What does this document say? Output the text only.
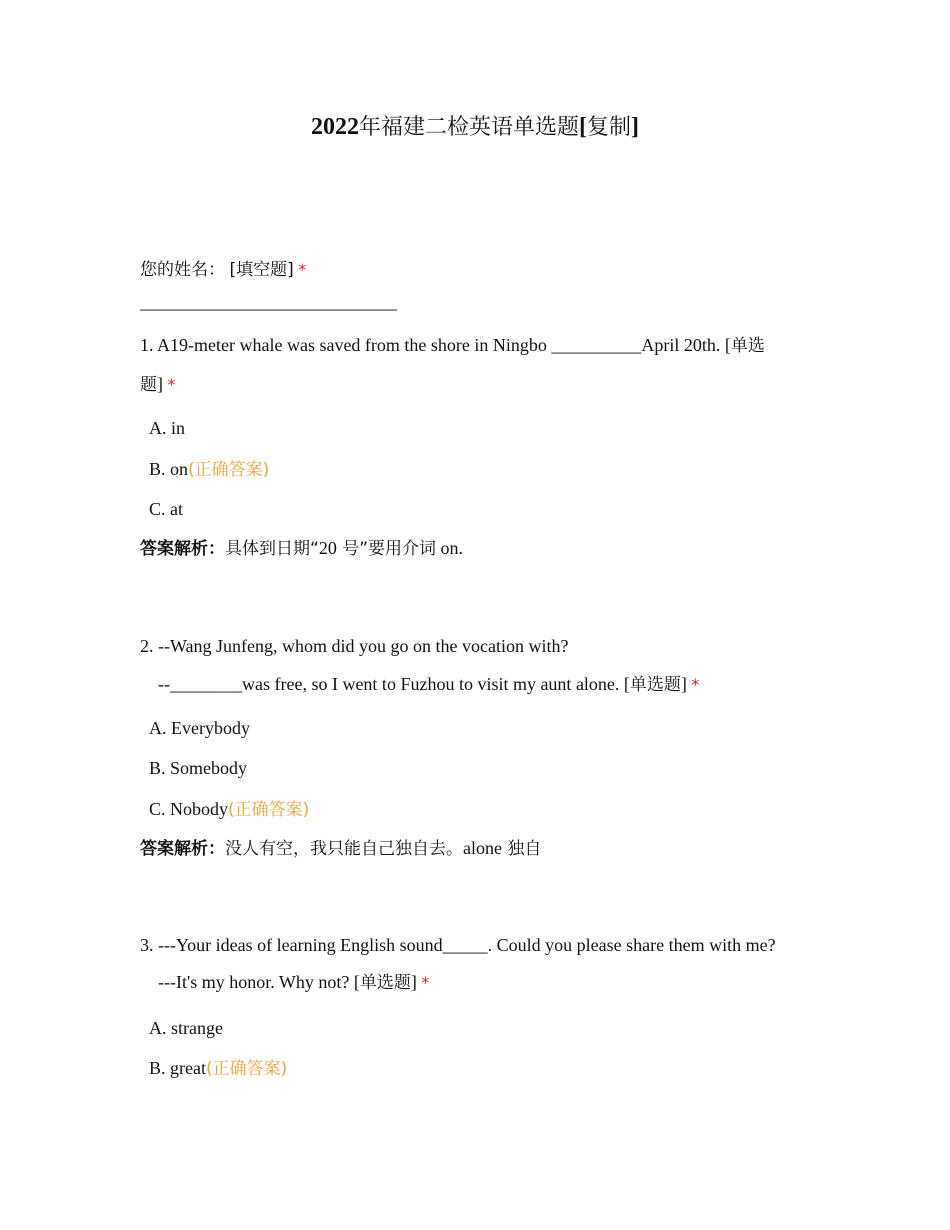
2022年福建二检英语单选题[复制]
您的姓名： [填空题] *
________________________________
1. A19-meter whale was saved from the shore in Ningbo __________April 20th. [单选
题] *
A. in
B. on(正确答案)
C. at
答案解析：具体到日期“20 号”要用介词 on.
2. --Wang Junfeng, whom did you go on the vocation with?
--________was free, so I went to Fuzhou to visit my aunt alone. [单选题] *
A. Everybody
B. Somebody
C. Nobody(正确答案)
答案解析：没人有空，我只能自己独自去。alone 独自
3. ---Your ideas of learning English sound_____. Could you please share them with me?
---It's my honor. Why not? [单选题] *
A. strange
B. great(正确答案)
